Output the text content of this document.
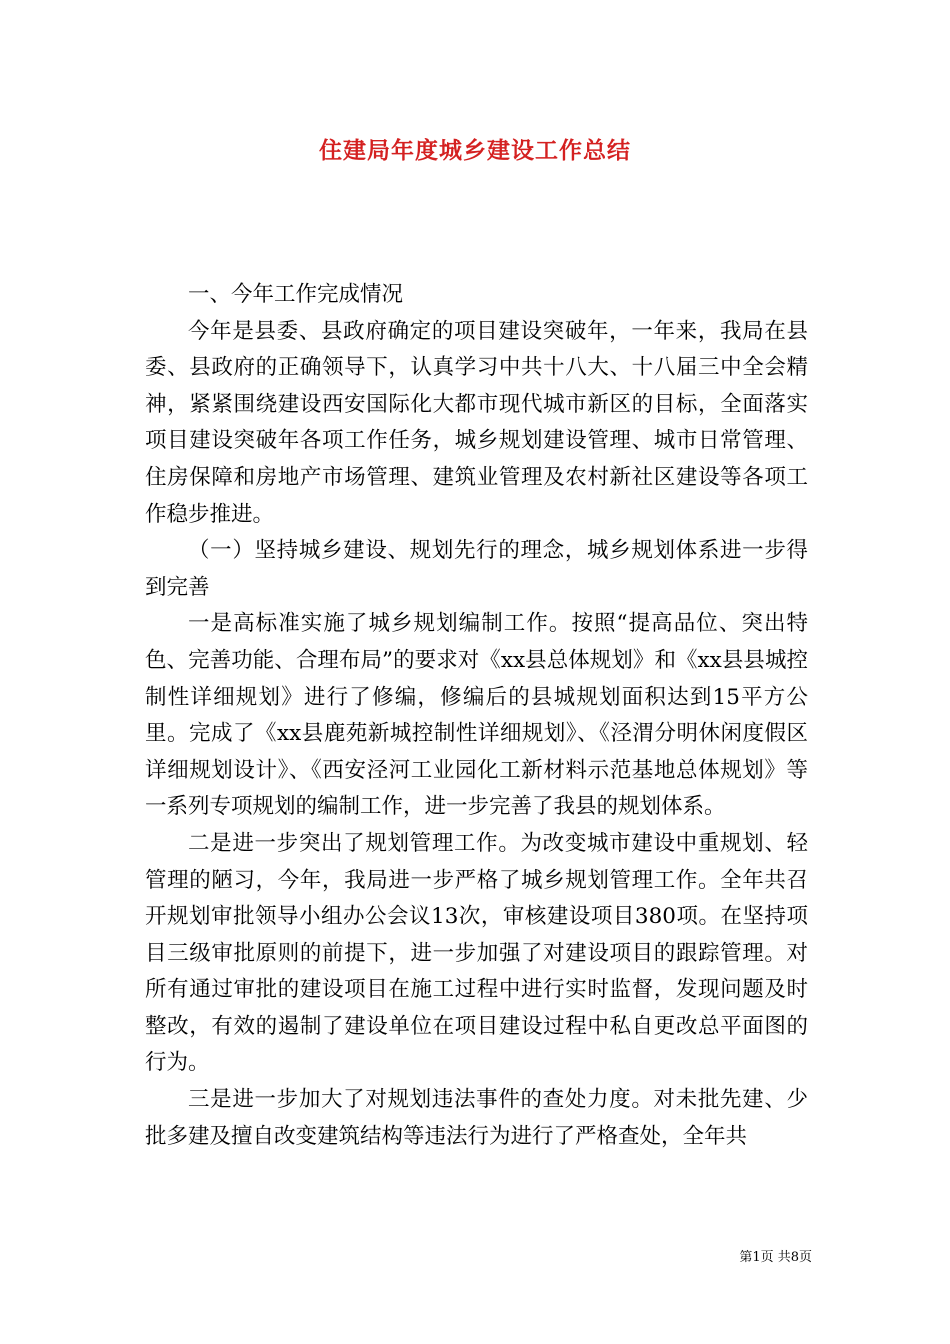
住建局年度城乡建设工作总结

一、今年工作完成情况

今年是县委、县政府确定的项目建设突破年，一年来，我局在县委、县政府的正确领导下，认真学习中共十八大、十八届三中全会精神，紧紧围绕建设西安国际化大都市现代城市新区的目标，全面落实项目建设突破年各项工作任务，城乡规划建设管理、城市日常管理、住房保障和房地产市场管理、建筑业管理及农村新社区建设等各项工作稳步推进。

（一）坚持城乡建设、规划先行的理念，城乡规划体系进一步得到完善

一是高标准实施了城乡规划编制工作。按照“提高品位、突出特色、完善功能、合理布局”的要求对《xx县总体规划》和《xx县县城控制性详细规划》进行了修编，修编后的县城规划面积达到15平方公里。完成了《xx县鹿苑新城控制性详细规划》、《泾渭分明休闲度假区详细规划设计》、《西安泾河工业园化工新材料示范基地总体规划》等一系列专项规划的编制工作，进一步完善了我县的规划体系。

二是进一步突出了规划管理工作。为改变城市建设中重规划、轻管理的陋习，今年，我局进一步严格了城乡规划管理工作。全年共召开规划审批领导小组办公会议13次，审核建设项目380项。在坚持项目三级审批原则的前提下，进一步加强了对建设项目的跟踪管理。对所有通过审批的建设项目在施工过程中进行实时监督，发现问题及时整改，有效的遏制了建设单位在项目建设过程中私自更改总平面图的行为。

三是进一步加大了对规划违法事件的查处力度。对未批先建、少批多建及擅自改变建筑结构等违法行为进行了严格查处，全年共

第1页 共8页
